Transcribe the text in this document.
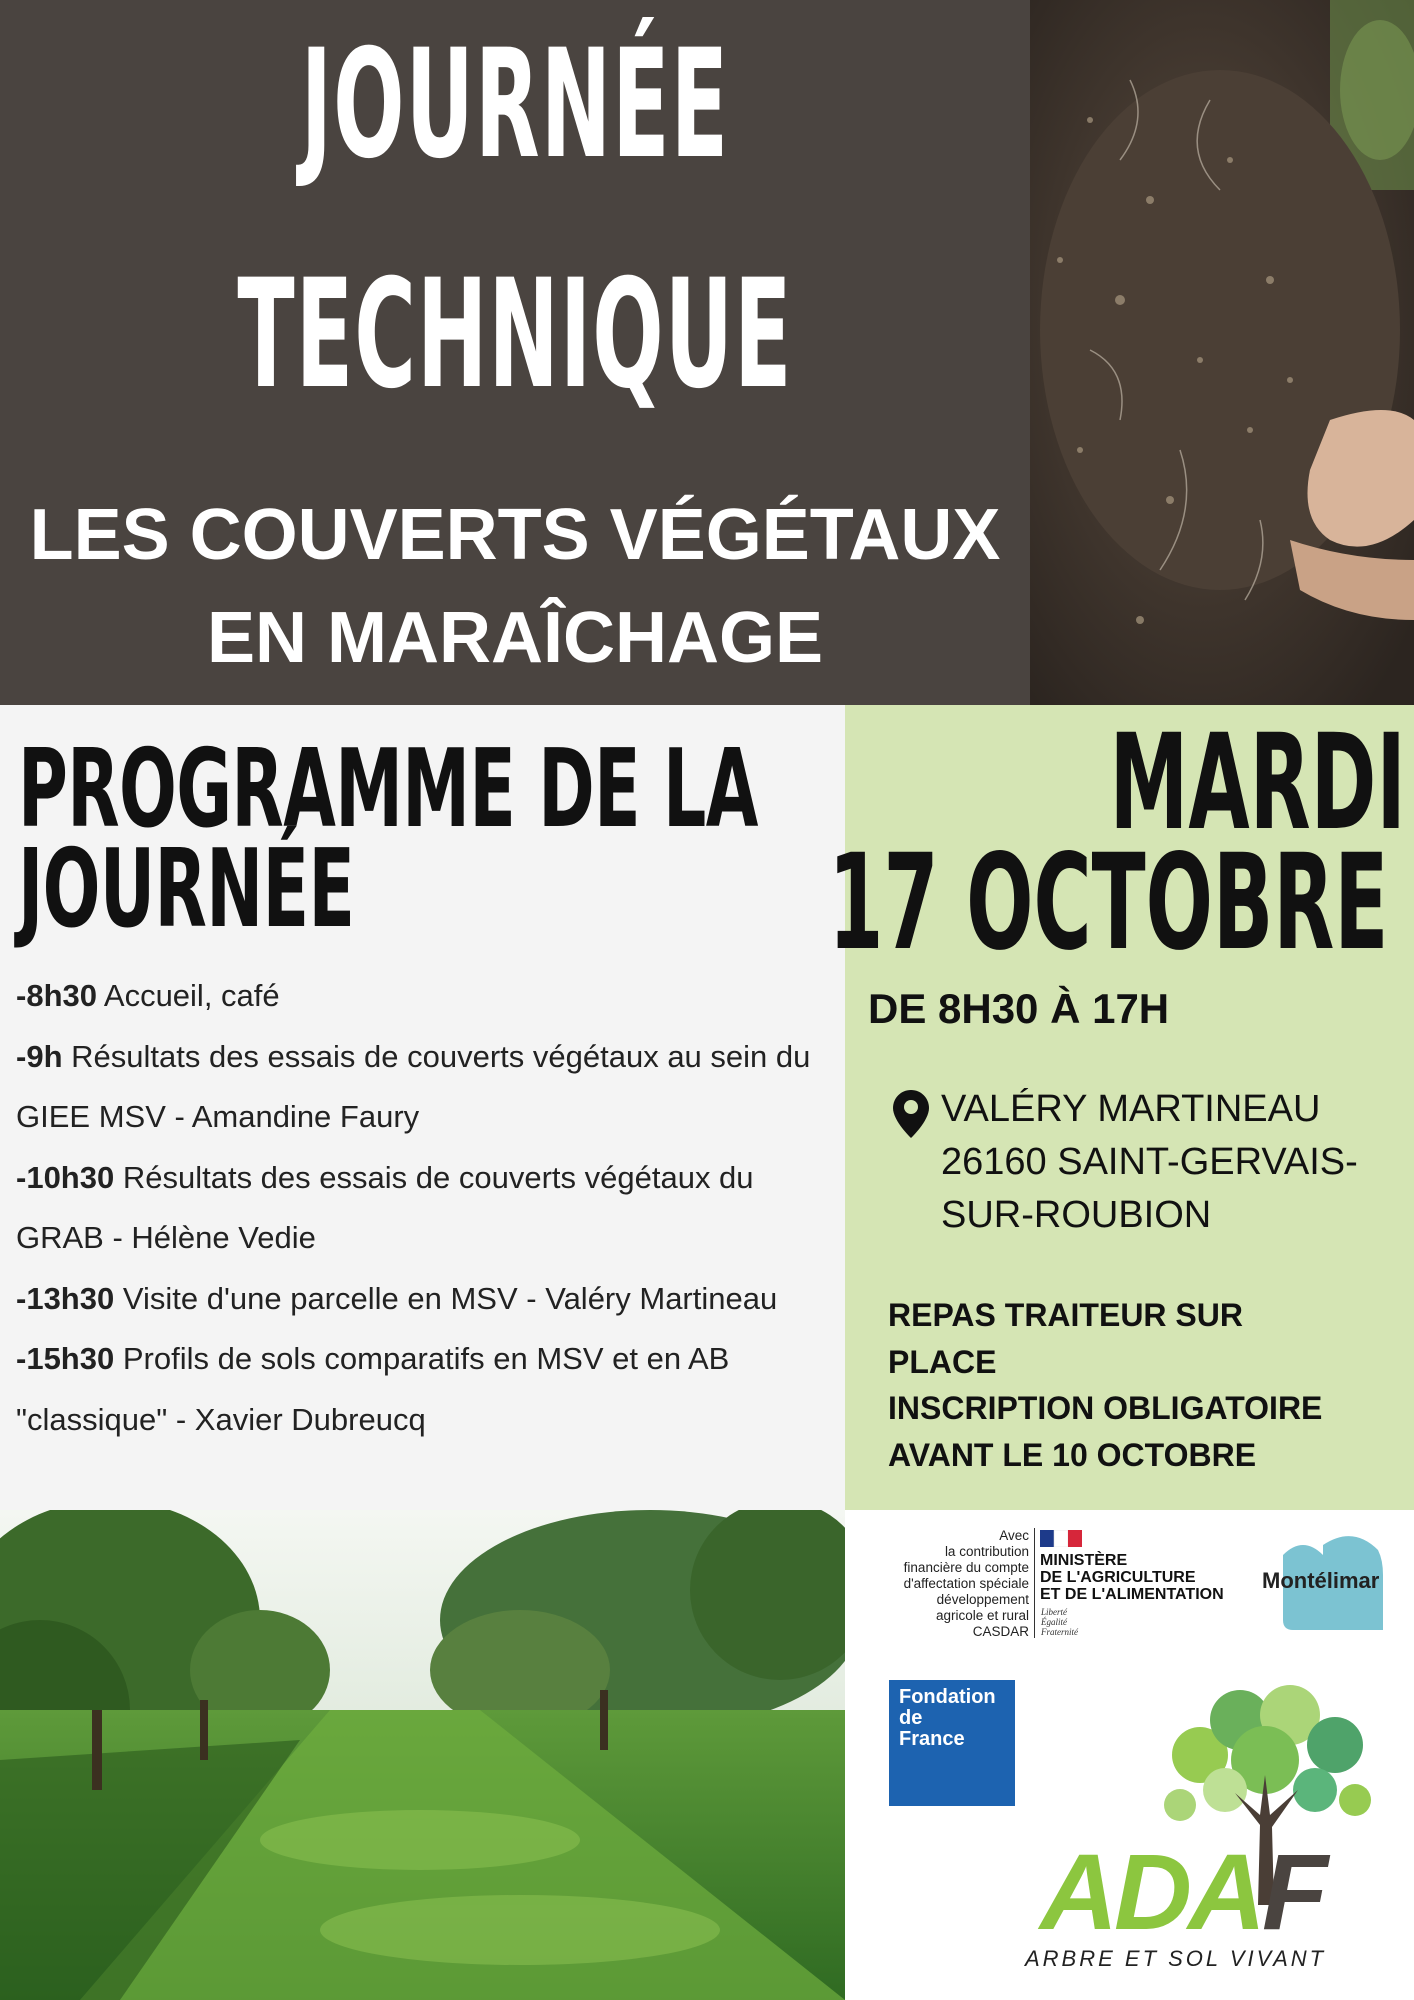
JOURNÉE
TECHNIQUE
LES COUVERTS VÉGÉTAUX
EN MARAÎCHAGE
PROGRAMME DE LA JOURNÉE
-8h30 Accueil, café
-9h Résultats des essais de couverts végétaux au sein du GIEE MSV - Amandine Faury
-10h30 Résultats des essais de couverts végétaux du GRAB - Hélène Vedie
-13h30 Visite d'une parcelle en MSV - Valéry Martineau
-15h30 Profils de sols comparatifs en MSV et en AB "classique" - Xavier Dubreucq
MARDI
17 OCTOBRE
DE 8H30 À 17H
VALÉRY MARTINEAU
26160 SAINT-GERVAIS-
SUR-ROUBION
REPAS TRAITEUR SUR
PLACE
INSCRIPTION OBLIGATOIRE
AVANT LE 10 OCTOBRE
Avec
la contribution
financière du compte
d'affectation spéciale
développement
agricole et rural
CASDAR
MINISTÈRE
DE L'AGRICULTURE
ET DE L'ALIMENTATION
Liberté
Égalité
Fraternité
Montélimar
Fondation
de
France
ADAF
ARBRE ET SOL VIVANT
